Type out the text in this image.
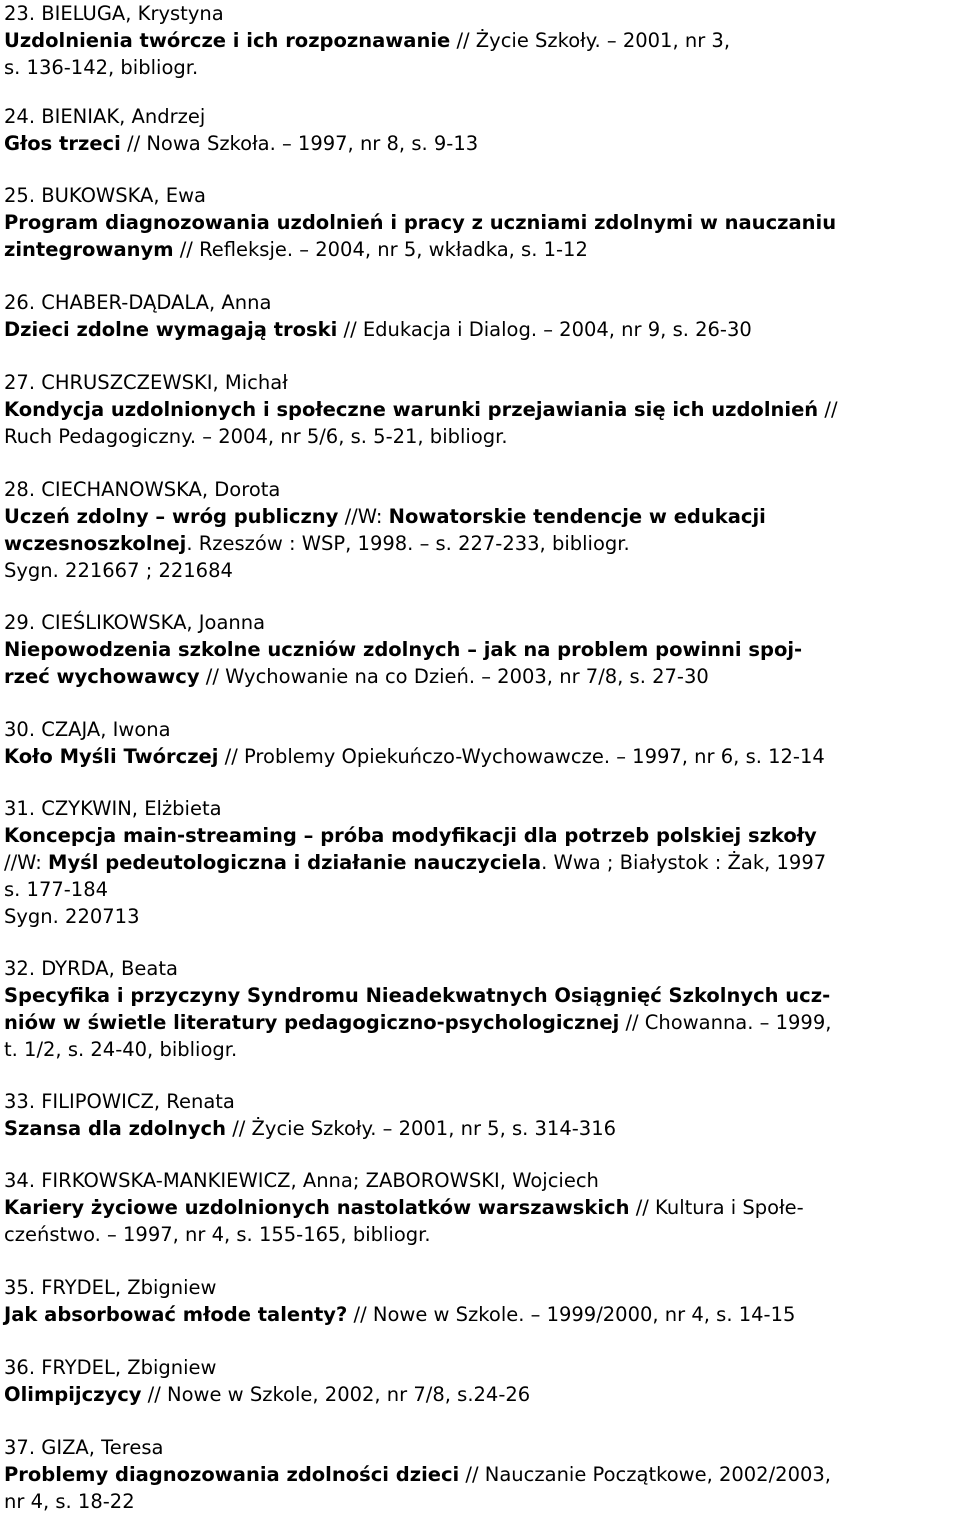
23. BIELUGA, Krystyna
Uzdolnienia twórcze i ich rozpoznawanie // Życie Szkoły. – 2001, nr 3,
s. 136-142, bibliogr.
24. BIENIAK, Andrzej
Głos trzeci // Nowa Szkoła. – 1997, nr 8, s. 9-13
25. BUKOWSKA, Ewa
Program diagnozowania uzdolnień i pracy z uczniami zdolnymi w nauczaniu
zintegrowanym // Refleksje. – 2004, nr 5, wkładka, s. 1-12
26. CHABER-DĄDALA, Anna
Dzieci zdolne wymagają troski // Edukacja i Dialog. – 2004, nr 9, s. 26-30
27. CHRUSZCZEWSKI, Michał
Kondycja uzdolnionych i społeczne warunki przejawiania się ich uzdolnień //
Ruch Pedagogiczny. – 2004, nr 5/6, s. 5-21, bibliogr.
28. CIECHANOWSKA, Dorota
Uczeń zdolny – wróg publiczny //W: Nowatorskie tendencje w edukacji
wczesnoszkolnej. Rzeszów : WSP, 1998. – s. 227-233, bibliogr.
Sygn. 221667 ; 221684
29. CIEŚLIKOWSKA, Joanna
Niepowodzenia szkolne uczniów zdolnych – jak na problem powinni spoj-
rzeć wychowawcy // Wychowanie na co Dzień. – 2003, nr 7/8, s. 27-30
30. CZAJA, Iwona
Koło Myśli Twórczej // Problemy Opiekuńczo-Wychowawcze. – 1997, nr 6, s. 12-14
31. CZYKWIN, Elżbieta
Koncepcja main-streaming – próba modyfikacji dla potrzeb polskiej szkoły
//W: Myśl pedeutologiczna i działanie nauczyciela. Wwa ; Białystok : Żak, 1997
s. 177-184
Sygn. 220713
32. DYRDA, Beata
Specyfika i przyczyny Syndromu Nieadekwatnych Osiągnięć Szkolnych ucz-
niów w świetle literatury pedagogiczno-psychologicznej // Chowanna. – 1999,
t. 1/2, s. 24-40, bibliogr.
33. FILIPOWICZ, Renata
Szansa dla zdolnych // Życie Szkoły. – 2001, nr 5, s. 314-316
34. FIRKOWSKA-MANKIEWICZ, Anna; ZABOROWSKI, Wojciech
Kariery życiowe uzdolnionych nastolatków warszawskich // Kultura i Społe-
czeństwo. – 1997, nr 4, s. 155-165, bibliogr.
35. FRYDEL, Zbigniew
Jak absorbować młode talenty? // Nowe w Szkole. – 1999/2000, nr 4, s. 14-15
36. FRYDEL, Zbigniew
Olimpijczycy // Nowe w Szkole, 2002, nr 7/8, s.24-26
37. GIZA, Teresa
Problemy diagnozowania zdolności dzieci // Nauczanie Początkowe, 2002/2003,
nr 4, s. 18-22
